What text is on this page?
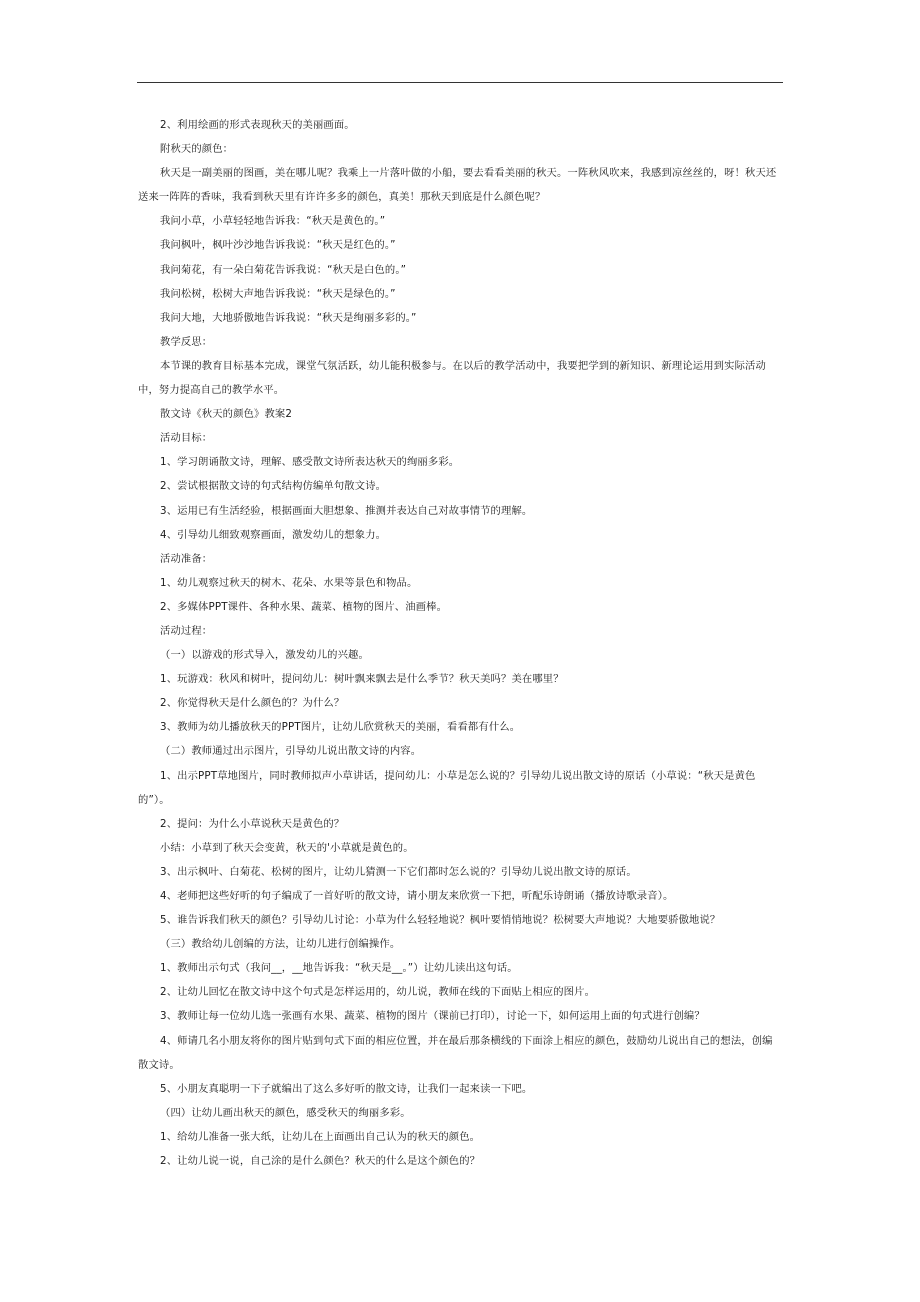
2、利用绘画的形式表现秋天的美丽画面。

附秋天的颜色：

秋天是一副美丽的图画，美在哪儿呢？我乘上一片落叶做的小船，要去看看美丽的秋天。一阵秋风吹来，我感到凉丝丝的，呀！秋天还送来一阵阵的香味，我看到秋天里有许许多多的颜色，真美！那秋天到底是什么颜色呢？

我问小草，小草轻轻地告诉我：“秋天是黄色的。”

我问枫叶，枫叶沙沙地告诉我说：“秋天是红色的。”

我问菊花，有一朵白菊花告诉我说：“秋天是白色的。”

我问松树，松树大声地告诉我说：“秋天是绿色的。”

我问大地，大地骄傲地告诉我说：“秋天是绚丽多彩的。”

教学反思：

本节课的教育目标基本完成，课堂气氛活跃，幼儿能积极参与。在以后的教学活动中，我要把学到的新知识、新理论运用到实际活动中，努力提高自己的教学水平。

散文诗《秋天的颜色》教案2

活动目标：

1、学习朗诵散文诗，理解、感受散文诗所表达秋天的绚丽多彩。

2、尝试根据散文诗的句式结构仿编单句散文诗。

3、运用已有生活经验，根据画面大胆想象、推测并表达自己对故事情节的理解。

4、引导幼儿细致观察画面，激发幼儿的想象力。

活动准备：

1、幼儿观察过秋天的树木、花朵、水果等景色和物品。

2、多媒体PPT课件、各种水果、蔬菜、植物的图片、油画棒。

活动过程：

（一）以游戏的形式导入，激发幼儿的兴趣。

1、玩游戏：秋风和树叶，提问幼儿：树叶飘来飘去是什么季节？秋天美吗？美在哪里？

2、你觉得秋天是什么颜色的？为什么？

3、教师为幼儿播放秋天的PPT图片，让幼儿欣赏秋天的美丽，看看都有什么。

（二）教师通过出示图片，引导幼儿说出散文诗的内容。

1、出示PPT草地图片，同时教师拟声小草讲话，提问幼儿：小草是怎么说的？引导幼儿说出散文诗的原话（小草说：“秋天是黄色的”）。

2、提问：为什么小草说秋天是黄色的？

小结：小草到了秋天会变黄，秋天的'小草就是黄色的。

3、出示枫叶、白菊花、松树的图片，让幼儿猜测一下它们都时怎么说的？引导幼儿说出散文诗的原话。

4、老师把这些好听的句子编成了一首好听的散文诗，请小朋友来欣赏一下把，听配乐诗朗诵（播放诗歌录音）。

5、谁告诉我们秋天的颜色？引导幼儿讨论：小草为什么轻轻地说？枫叶要悄悄地说？松树要大声地说？大地要骄傲地说？

（三）教给幼儿创编的方法，让幼儿进行创编操作。

1、教师出示句式（我问__，__地告诉我：“秋天是__。”）让幼儿读出这句话。

2、让幼儿回忆在散文诗中这个句式是怎样运用的，幼儿说，教师在线的下面贴上相应的图片。

3、教师让每一位幼儿选一张画有水果、蔬菜、植物的图片（课前已打印），讨论一下，如何运用上面的句式进行创编？

4、师请几名小朋友将你的图片贴到句式下面的相应位置，并在最后那条横线的下面涂上相应的颜色，鼓励幼儿说出自己的想法，创编散文诗。

5、小朋友真聪明一下子就编出了这么多好听的散文诗，让我们一起来读一下吧。

（四）让幼儿画出秋天的颜色，感受秋天的绚丽多彩。

1、给幼儿准备一张大纸，让幼儿在上面画出自己认为的秋天的颜色。

2、让幼儿说一说，自己涂的是什么颜色？秋天的什么是这个颜色的？
